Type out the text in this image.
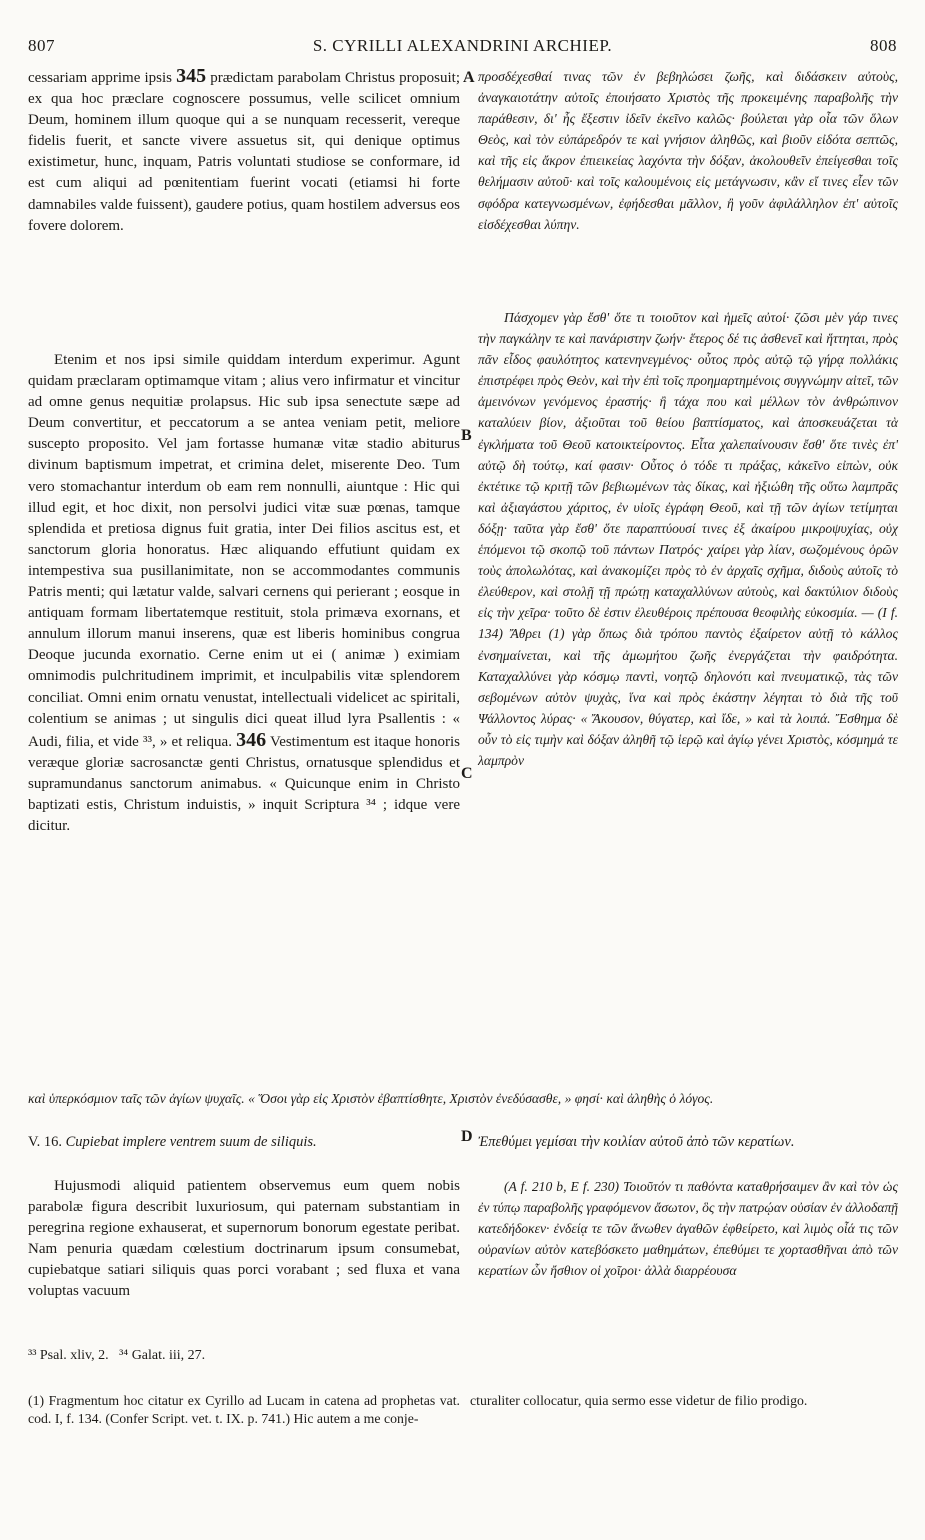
807	S. CYRILLI ALEXANDRINI ARCHIEP.	808

cessariam apprime ipsis 345 prædictam parabolam Christus proposuit; ex qua hoc præclare cognoscere possumus, velle scilicet omnium Deum, hominem illum quoque qui a se nunquam recesserit, vereque fidelis fuerit, et sancte vivere assuetus sit, qui denique optimus existimetur, hunc, inquam, Patris voluntati studiose se conformare, id est cum aliqui ad pœnitentiam fuerint vocati (etiamsi hi forte damnabiles valde fuissent), gaudere potius, quam hostilem adversus eos fovere dolorem.

Etenim et nos ipsi simile quiddam interdum experimur. Agunt quidam præclaram optimamque vitam ; alius vero infirmatur et vincitur ad omne genus nequitiæ prolapsus. Hic sub ipsa senectute sæpe ad Deum convertitur, et peccatorum a se antea veniam petit, meliore suscepto proposito. Vel jam fortasse humanæ vitæ stadio abiturus divinum baptismum impetrat, et crimina delet, miserente Deo. Tum vero stomachantur interdum ob eam rem nonnulli, aiuntque : Hic qui illud egit, et hoc dixit, non persolvi judici vitæ suæ pœnas, tamque splendida et pretiosa dignus fuit gratia, inter Dei filios ascitus est, et sanctorum gloria honoratus. Hæc aliquando effutiunt quidam ex intempestiva sua pusillanimitate, non se accommodantes communis Patris menti; qui lætatur valde, salvari cernens qui perierant ; eosque in antiquam formam libertatemque restituit, stola primæva exornans, et annulum illorum manui inserens, quæ est liberis hominibus congrua Deoque jucunda exornatio. Cerne enim ut ei ( animæ ) eximiam omnimodis pulchritudinem imprimit, et inculpabilis vitæ splendorem conciliat. Omni enim ornatu venustat, intellectuali videlicet ac spiritali, colentium se animas ; ut singulis dici queat illud lyra Psallentis : « Audi, filia, et vide ³³, » et reliqua. 346 Vestimentum est itaque honoris veræque gloriæ sacrosanctæ genti Christus, ornatusque splendidus et supramundanus sanctorum animabus. « Quicunque enim in Christo baptizati estis, Christum induistis, » inquit Scriptura ³⁴ ; idque vere dicitur.

προσδέχεσθαί τινας τῶν ἐν βεβηλώσει ζωῆς, καὶ διδάσκειν αὐτοὺς, ἀναγκαιοτάτην αὐτοῖς ἐποιήσατο Χριστὸς τῆς προκειμένης παραβολῆς τὴν παράθεσιν, δι' ἧς ἔξεστιν ἰδεῖν ἐκεῖνο καλῶς· βούλεται γὰρ οἷα τῶν ὅλων Θεὸς, καὶ τὸν εὐπάρεδρόν τε καὶ γνήσιον ἀληθῶς, καὶ βιοῦν εἰδότα σεπτῶς, καὶ τῆς εἰς ἄκρον ἐπιεικείας λαχόντα τὴν δόξαν, ἀκολουθεῖν ἐπείγεσθαι τοῖς θελήμασιν αὐτοῦ· καὶ τοῖς καλουμένοις εἰς μετάγνωσιν, κἂν εἴ τινες εἶεν τῶν σφόδρα κατεγνωσμένων, ἐφήδεσθαι μᾶλλον, ἢ γοῦν ἀφιλάλληλον ἐπ' αὐτοῖς εἰσδέχεσθαι λύπην.

Πάσχομεν γὰρ ἔσθ' ὅτε τι τοιοῦτον καὶ ἡμεῖς αὐτοί· ζῶσι μὲν γάρ τινες τὴν παγκάλην τε καὶ πανάριστην ζωήν· ἕτερος δέ τις ἀσθενεῖ καὶ ἥττηται, πρὸς πᾶν εἶδος φαυλότητος κατενηνεγμένος· οὗτος πρὸς αὐτῷ τῷ γήρᾳ πολλάκις ἐπιστρέφει πρὸς Θεὸν, καὶ τὴν ἐπὶ τοῖς προημαρτημένοις συγγνώμην αἰτεῖ, τῶν ἀμεινόνων γενόμενος ἐραστής· ἢ τάχα που καὶ μέλλων τὸν ἀνθρώπινον καταλύειν βίον, ἀξιοῦται τοῦ θείου βαπτίσματος, καὶ ἀποσκευάζεται τὰ ἐγκλήματα τοῦ Θεοῦ κατοικτείροντος. Εἶτα χαλεπαίνουσιν ἔσθ' ὅτε τινὲς ἐπ' αὐτῷ δὴ τούτῳ, καί φασιν· Οὗτος ὁ τόδε τι πράξας, κἀκεῖνο εἰπὼν, οὐκ ἐκτέτικε τῷ κριτῇ τῶν βεβιωμένων τὰς δίκας, καὶ ἠξιώθη τῆς οὕτω λαμπρᾶς καὶ ἀξιαγάστου χάριτος, ἐν υἱοῖς ἐγράφη Θεοῦ, καὶ τῇ τῶν ἁγίων τετίμηται δόξῃ· ταῦτα γὰρ ἔσθ' ὅτε παραπτύουσί τινες ἐξ ἀκαίρου μικροψυχίας, οὐχ ἑπόμενοι τῷ σκοπῷ τοῦ πάντων Πατρός· χαίρει γὰρ λίαν, σωζομένους ὁρῶν τοὺς ἀπολωλότας, καὶ ἀνακομίζει πρὸς τὸ ἐν ἀρχαῖς σχῆμα, διδοὺς αὐτοῖς τὸ ἐλεύθερον, καὶ στολῇ τῇ πρώτῃ καταχαλλύνων αὐτοὺς, καὶ δακτύλιον διδοὺς εἰς τὴν χεῖρα· τοῦτο δὲ ἐστιν ἐλευθέροις πρέπουσα θεοφιλὴς εὐκοσμία. — (I f. 134) Ἄθρει (1) γὰρ ὅπως διὰ τρόπου παντὸς ἐξαίρετον αὐτῇ τὸ κάλλος ἐνσημαίνεται, καὶ τῆς ἀμωμήτου ζωῆς ἐνεργάζεται τὴν φαιδρότητα. Καταχαλλύνει γὰρ κόσμῳ παντὶ, νοητῷ δηλονότι καὶ πνευματικῷ, τὰς τῶν σεβομένων αὐτὸν ψυχὰς, ἵνα καὶ πρὸς ἑκάστην λέγηται τὸ διὰ τῆς τοῦ Ψάλλοντος λύρας· « Ἄκουσον, θύγατερ, καὶ ἴδε, » καὶ τὰ λοιπά. Ἔσθημα δὲ οὖν τὸ εἰς τιμὴν καὶ δόξαν ἀληθῆ τῷ ἱερῷ καὶ ἁγίῳ γένει Χριστὸς, κόσμημά τε λαμπρὸν

καὶ ὑπερκόσμιον ταῖς τῶν ἁγίων ψυχαῖς. « Ὅσοι γὰρ εἰς Χριστὸν ἐβαπτίσθητε, Χριστὸν ἐνεδύσασθε, » φησί· καὶ ἀληθὴς ὁ λόγος.
A
B
C
D
V. 16. Cupiebat implere ventrem suum de siliquis.	Ἐπεθύμει γεμίσαι τὴν κοιλίαν αὐτοῦ ἀπὸ τῶν κερατίων.

Hujusmodi aliquid patientem observemus eum quem nobis parabolæ figura describit luxuriosum, qui paternam substantiam in peregrina regione exhauserat, et supernorum bonorum egestate peribat. Nam penuria quædam cœlestium doctrinarum ipsum consumebat, cupiebatque satiari siliquis quas porci vorabant ; sed fluxa et vana voluptas vacuum

(A f. 210 b, E f. 230) Τοιοῦτόν τι παθόντα καταθρήσαιμεν ἂν καὶ τὸν ὡς ἐν τύπῳ παραβολῆς γραφόμενον ἄσωτον, ὃς τὴν πατρῴαν οὐσίαν ἐν ἀλλοδαπῇ κατεδήδοκεν· ἐνδείᾳ τε τῶν ἄνωθεν ἀγαθῶν ἐφθείρετο, καὶ λιμὸς οἷά τις τῶν οὐρανίων αὐτὸν κατεβόσκετο μαθημάτων, ἐπεθύμει τε χορτασθῆναι ἀπὸ τῶν κερατίων ὧν ἤσθιον οἱ χοῖροι· ἀλλὰ διαρρέουσα

³³ Psal. xliv, 2. ³⁴ Galat. iii, 27.
(1) Fragmentum hoc citatur ex Cyrillo ad Lucam in catena ad prophetas vat. cod. I, f. 134. (Confer Script. vet. t. IX. p. 741.) Hic autem a me conje-
cturaliter collocatur, quia sermo esse videtur de filio prodigo.
